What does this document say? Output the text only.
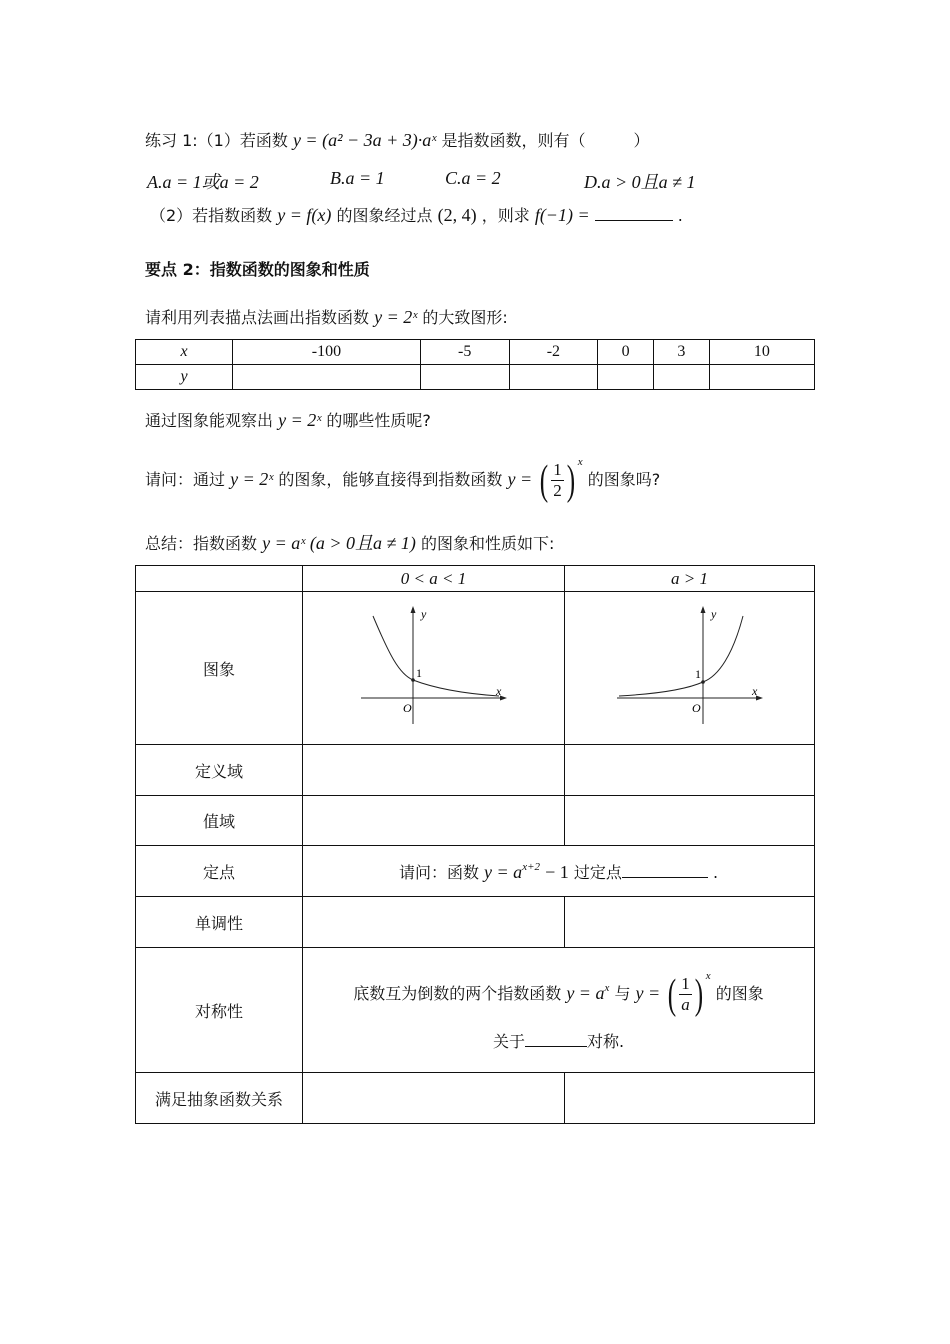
练习 1:（1）若函数 y = (a² − 3a + 3)·aˣ 是指数函数，则有（　　　）
A.a = 1或a = 2	B.a = 1	C.a = 2	D.a > 0且a ≠ 1
（2）若指数函数 y = f(x) 的图象经过点 (2, 4) ，则求 f(−1) =	.
要点 2：指数函数的图象和性质
请利用列表描点法画出指数函数 y = 2ˣ 的大致图形:
x	-100	-5	-2	0	3	10
y						
通过图象能观察出 y = 2ˣ 的哪些性质呢?
请问：通过 y = 2ˣ 的图象，能够直接得到指数函数 y = ( $\frac{1}{2}$ ) $^x$ 的图象吗?
总结：指数函数 y = aˣ (a > 0且a ≠ 1) 的图象和性质如下:
	0 < a < 1	a > 1
图象	y
x
O
1	y
x
O
1

定义域		
值域		
定点	请问：函数 $y = a^{x+2} - 1$ 过定点 .	
单调性		
对称性	底数互为倒数的两个指数函数 $y = a^x$ 与 y = ( $\frac{1}{a}$ ) $^x$ 的图象
关于 对称.	

满足抽象函数关系		
